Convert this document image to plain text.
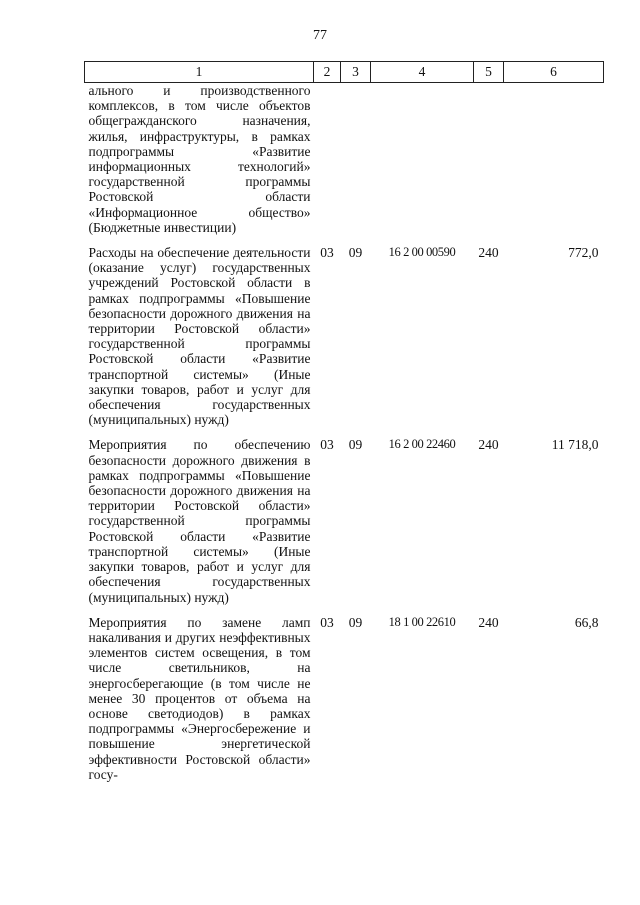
77
1	2	3	4	5	6
ального и производственного комплексов, в том числе объектов общегражданского назначения, жилья, инфраструктуры, в рамках подпрограммы «Развитие информационных технологий» государственной программы Ростовской области «Информационное общество» (Бюджетные инвестиции)					
Расходы на обеспечение деятельности (оказание услуг) государственных учреждений Ростовской области в рамках подпрограммы «Повышение безопасности дорожного движения на территории Ростовской области» государственной программы Ростовской области «Развитие транспортной системы» (Иные закупки товаров, работ и услуг для обеспечения государственных (муниципальных) нужд)	03	09	16 2 00 00590	240	772,0
Мероприятия по обеспечению безопасности дорожного движения в рамках подпрограммы «Повышение безопасности дорожного движения на территории Ростовской области» государственной программы Ростовской области «Развитие транспортной системы» (Иные закупки товаров, работ и услуг для обеспечения государственных (муниципальных) нужд)	03	09	16 2 00 22460	240	11 718,0
Мероприятия по замене ламп накаливания и других неэффективных элементов систем освещения, в том числе светильников, на энергосберегающие (в том числе не менее 30 процентов от объема на основе светодиодов) в рамках подпрограммы «Энергосбережение и повышение энергетической эффективности Ростовской области» госу-	03	09	18 1 00 22610	240	66,8
